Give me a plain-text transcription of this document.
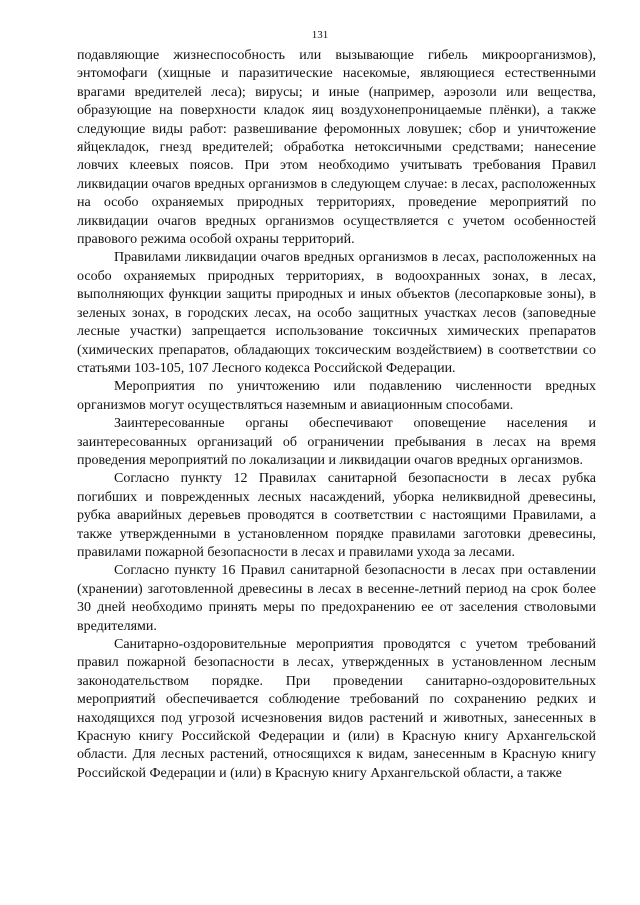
131

подавляющие жизнеспособность или вызывающие гибель микроорганизмов), энтомофаги (хищные и паразитические насекомые, являющиеся естественными врагами вредителей леса); вирусы; и иные (например, аэрозоли или вещества, образующие на поверхности кладок яиц воздухонепроницаемые плёнки), а также следующие виды работ: развешивание феромонных ловушек; сбор и уничтожение яйцекладок, гнезд вредителей; обработка нетоксичными средствами; нанесение ловчих клеевых поясов. При этом необходимо учитывать требования Правил ликвидации очагов вредных организмов в следующем случае: в лесах, расположенных на особо охраняемых природных территориях, проведение мероприятий по ликвидации очагов вредных организмов осуществляется с учетом особенностей правового режима особой охраны территорий.

Правилами ликвидации очагов вредных организмов в лесах, расположенных на особо охраняемых природных территориях, в водоохранных зонах, в лесах, выполняющих функции защиты природных и иных объектов (лесопарковые зоны), в зеленых зонах, в городских лесах, на особо защитных участках лесов (заповедные лесные участки) запрещается использование токсичных химических препаратов (химических препаратов, обладающих токсическим воздействием) в соответствии со статьями 103-105, 107 Лесного кодекса Российской Федерации.

Мероприятия по уничтожению или подавлению численности вредных организмов могут осуществляться наземным и авиационным способами.

Заинтересованные органы обеспечивают оповещение населения и заинтересованных организаций об ограничении пребывания в лесах на время проведения мероприятий по локализации и ликвидации очагов вредных организмов.

Согласно пункту 12 Правилах санитарной безопасности в лесах рубка погибших и поврежденных лесных насаждений, уборка неликвидной древесины, рубка аварийных деревьев проводятся в соответствии с настоящими Правилами, а также утвержденными в установленном порядке правилами заготовки древесины, правилами пожарной безопасности в лесах и правилами ухода за лесами.

Согласно пункту 16 Правил санитарной безопасности в лесах при оставлении (хранении) заготовленной древесины в лесах в весенне-летний период на срок более 30 дней необходимо принять меры по предохранению ее от заселения стволовыми вредителями.

Санитарно-оздоровительные мероприятия проводятся с учетом требований правил пожарной безопасности в лесах, утвержденных в установленном лесным законодательством порядке. При проведении санитарно-оздоровительных мероприятий обеспечивается соблюдение требований по сохранению редких и находящихся под угрозой исчезновения видов растений и животных, занесенных в Красную книгу Российской Федерации и (или) в Красную книгу Архангельской области. Для лесных растений, относящихся к видам, занесенным в Красную книгу Российской Федерации и (или) в Красную книгу Архангельской области, а также
